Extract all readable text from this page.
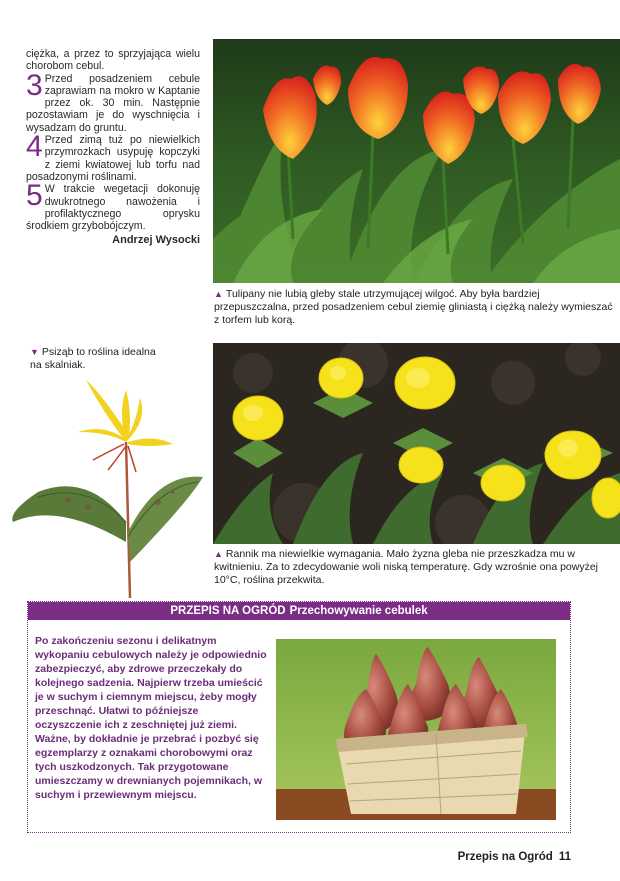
ciężka, a przez to sprzyjająca wielu chorobom cebul.

3 Przed posadzeniem cebule zaprawiam na mokro w Kaptanie przez ok. 30 min. Następnie pozostawiam je do wyschnięcia i wysadzam do gruntu.
4 Przed zimą tuż po niewielkich przymrozkach usypuję kopczyki z ziemi kwiatowej lub torfu nad posadzonymi roślinami.
5 W trakcie wegetacji dokonuję dwukrotnego nawożenia i profilaktycznego oprysku środkiem grzybobójczym.
Andrzej Wysocki
▲ Tulipany nie lubią gleby stale utrzymującej wilgoć. Aby była bardziej przepuszczalna, przed posadzeniem cebul ziemię gliniastą i ciężką należy wymieszać z torfem lub korą.
▼ Psiząb to roślina idealna na skalniak.
▲ Rannik ma niewielkie wymagania. Mało żyzna gleba nie przeszkadza mu w kwitnieniu. Za to zdecydowanie woli niską temperaturę. Gdy wzrośnie ona powyżej 10°C, roślina przekwita.
PRZEPIS NA OGRÓD Przechowywanie cebulek
Po zakończeniu sezonu i delikatnym wykopaniu cebulowych należy je odpowiednio zabezpieczyć, aby zdrowe przeczekały do kolejnego sadzenia. Najpierw trzeba umieścić je w suchym i ciemnym miejscu, żeby mogły przeschnąć. Ułatwi to późniejsze oczyszczenie ich z zeschniętej już ziemi. Ważne, by dokładnie je przebrać i pozbyć się egzemplarzy z oznakami chorobowymi oraz tych uszkodzonych. Tak przygotowane umieszczamy w drewnianych pojemnikach, w suchym i przewiewnym miejscu.
Przepis na Ogród 11
